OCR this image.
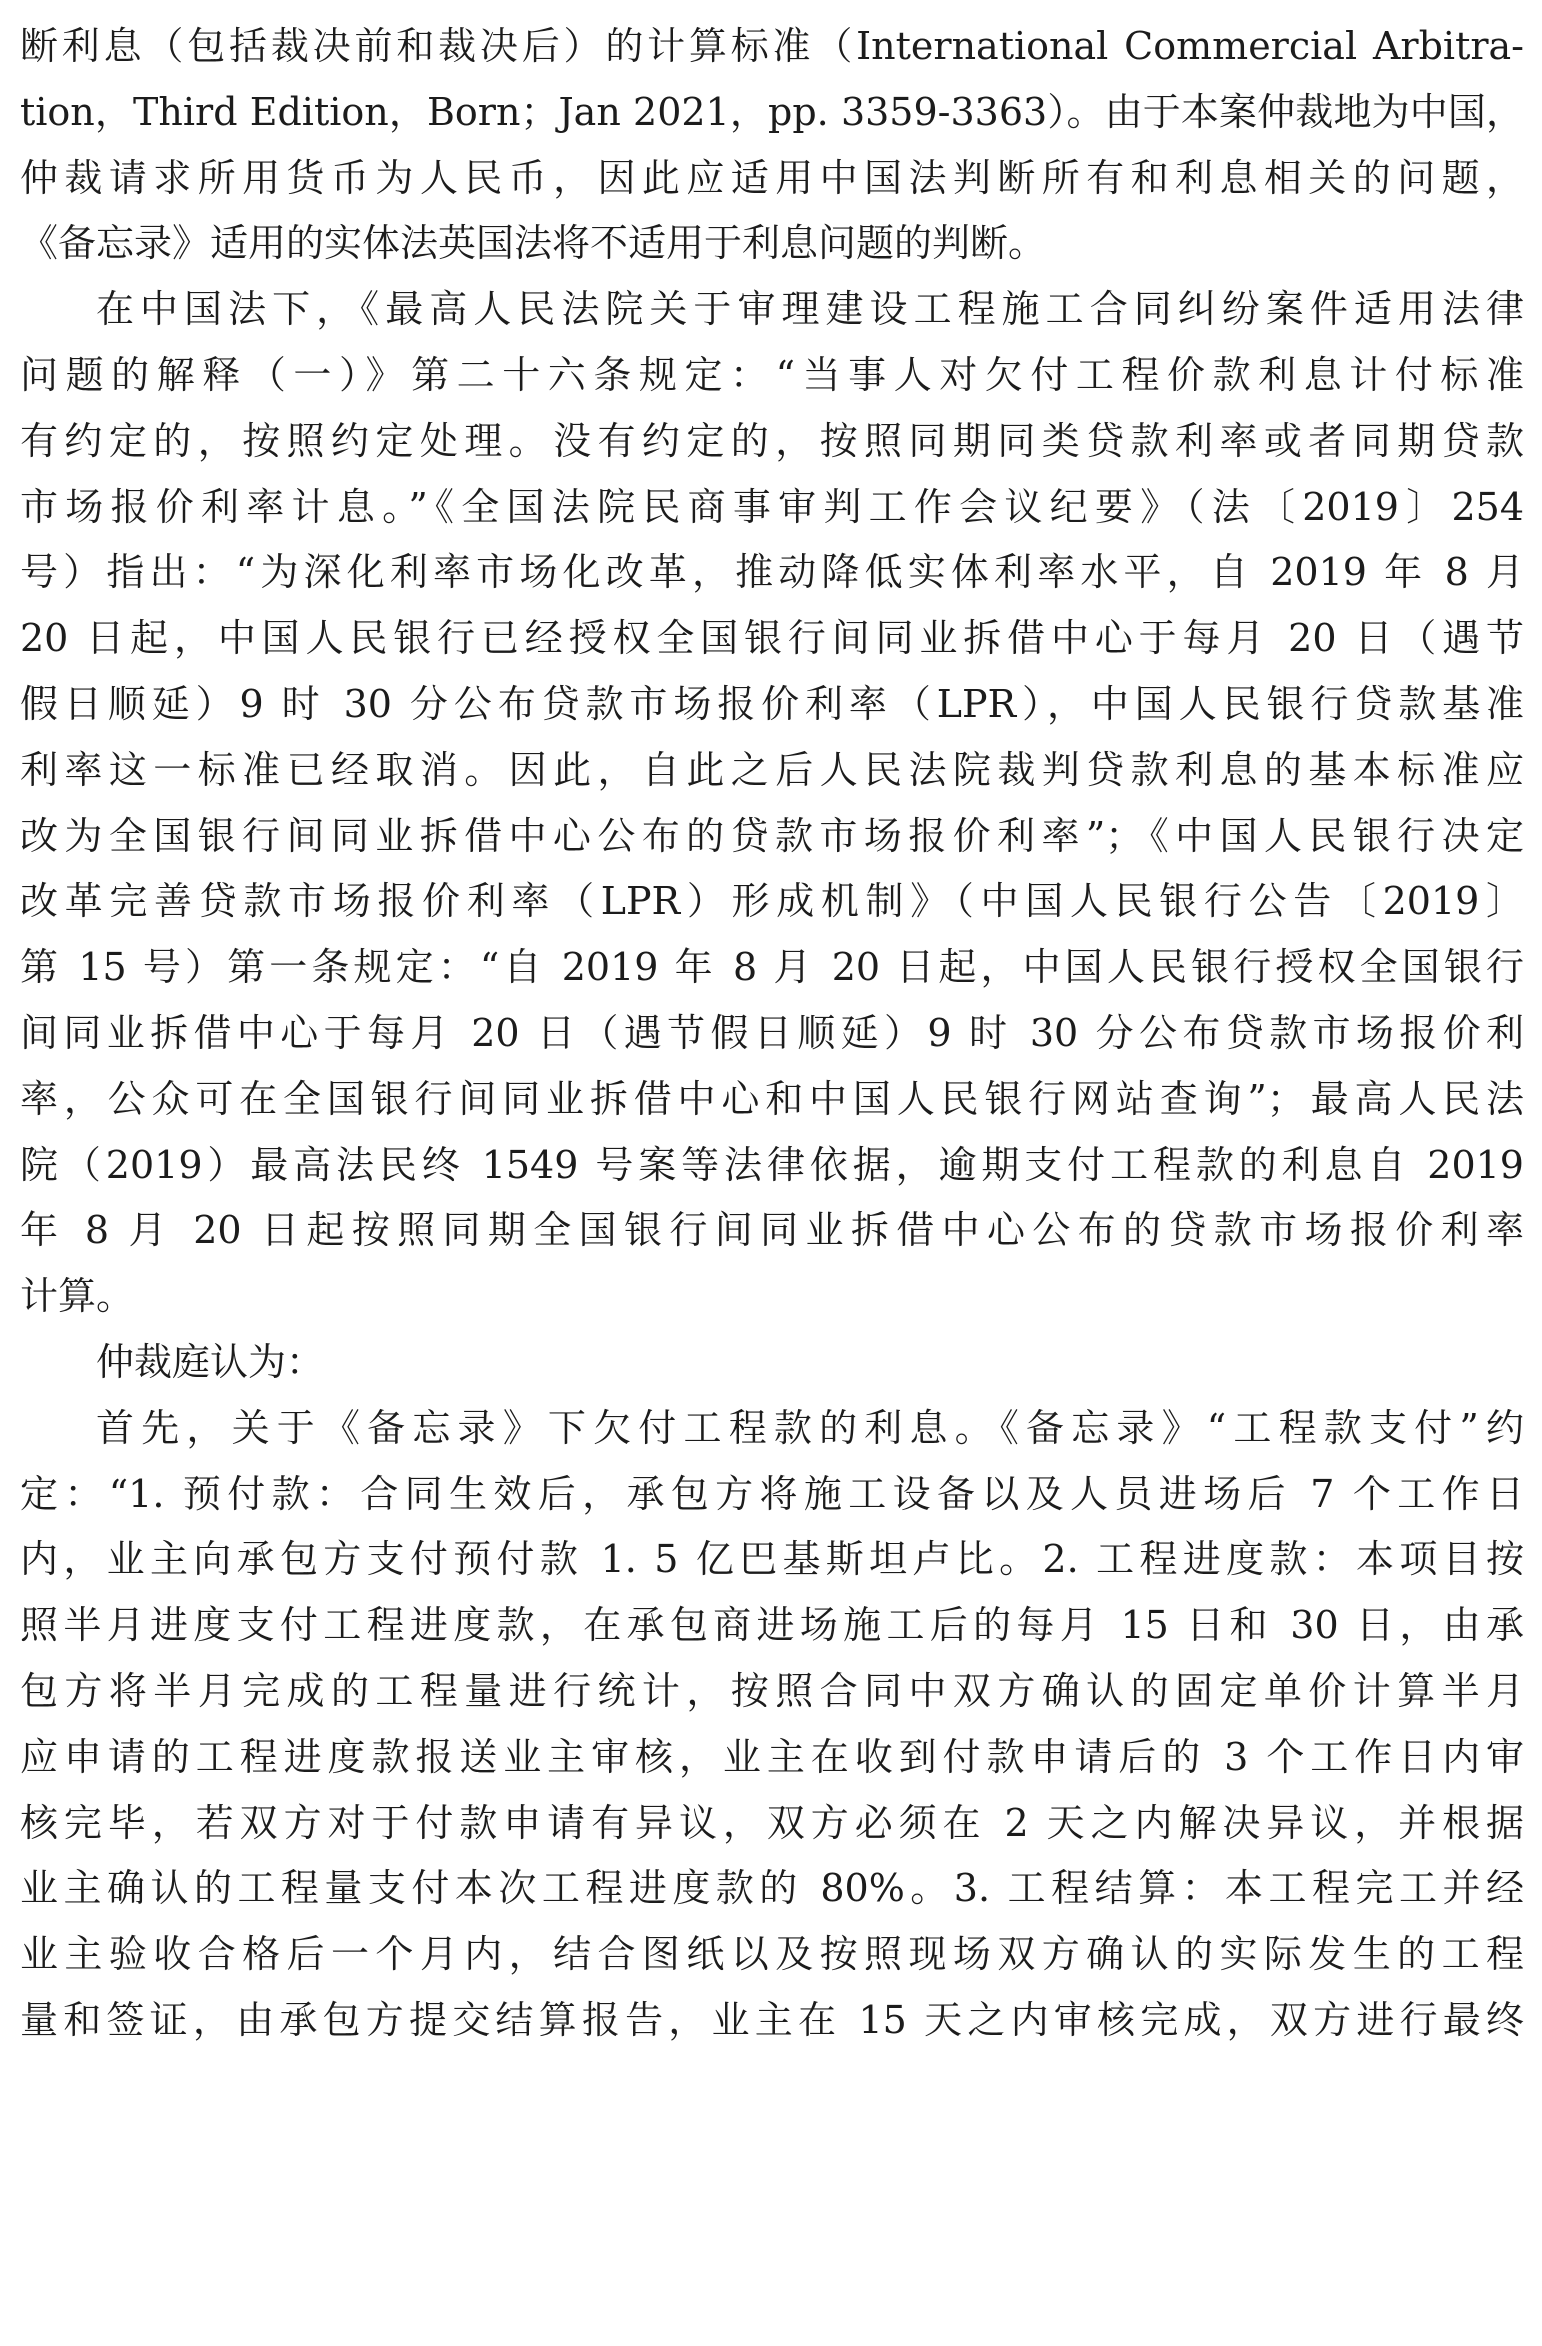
断利息（包括裁决前和裁决后）的计算标准（International Commercial Arbitra-
tion，Third Edition，Born；Jan 2021，pp. 3359-3363）。由于本案仲裁地为中国，
仲裁请求所用货币为人民币，因此应适用中国法判断所有和利息相关的问题，
《备忘录》适用的实体法英国法将不适用于利息问题的判断。
在中国法下，《最高人民法院关于审理建设工程施工合同纠纷案件适用法律
问题的解释（一）》第二十六条规定：“当事人对欠付工程价款利息计付标准
有约定的，按照约定处理。没有约定的，按照同期同类贷款利率或者同期贷款
市场报价利率计息。”《全国法院民商事审判工作会议纪要》（法〔2019〕254
号）指出：“为深化利率市场化改革，推动降低实体利率水平，自 2019 年 8 月
20 日起，中国人民银行已经授权全国银行间同业拆借中心于每月 20 日（遇节
假日顺延）9 时 30 分公布贷款市场报价利率（LPR），中国人民银行贷款基准
利率这一标准已经取消。因此，自此之后人民法院裁判贷款利息的基本标准应
改为全国银行间同业拆借中心公布的贷款市场报价利率”；《中国人民银行决定
改革完善贷款市场报价利率（LPR）形成机制》（中国人民银行公告〔2019〕
第 15 号）第一条规定：“自 2019 年 8 月 20 日起，中国人民银行授权全国银行
间同业拆借中心于每月 20 日（遇节假日顺延）9 时 30 分公布贷款市场报价利
率，公众可在全国银行间同业拆借中心和中国人民银行网站查询”；最高人民法
院（2019）最高法民终 1549 号案等法律依据，逾期支付工程款的利息自 2019
年 8 月 20 日起按照同期全国银行间同业拆借中心公布的贷款市场报价利率
计算。
仲裁庭认为：
首先，关于《备忘录》下欠付工程款的利息。《备忘录》“工程款支付”约
定：“1. 预付款：合同生效后，承包方将施工设备以及人员进场后 7 个工作日
内，业主向承包方支付预付款 1. 5 亿巴基斯坦卢比。2. 工程进度款：本项目按
照半月进度支付工程进度款，在承包商进场施工后的每月 15 日和 30 日，由承
包方将半月完成的工程量进行统计，按照合同中双方确认的固定单价计算半月
应申请的工程进度款报送业主审核，业主在收到付款申请后的 3 个工作日内审
核完毕，若双方对于付款申请有异议，双方必须在 2 天之内解决异议，并根据
业主确认的工程量支付本次工程进度款的 80%。3. 工程结算：本工程完工并经
业主验收合格后一个月内，结合图纸以及按照现场双方确认的实际发生的工程
量和签证，由承包方提交结算报告，业主在 15 天之内审核完成，双方进行最终
